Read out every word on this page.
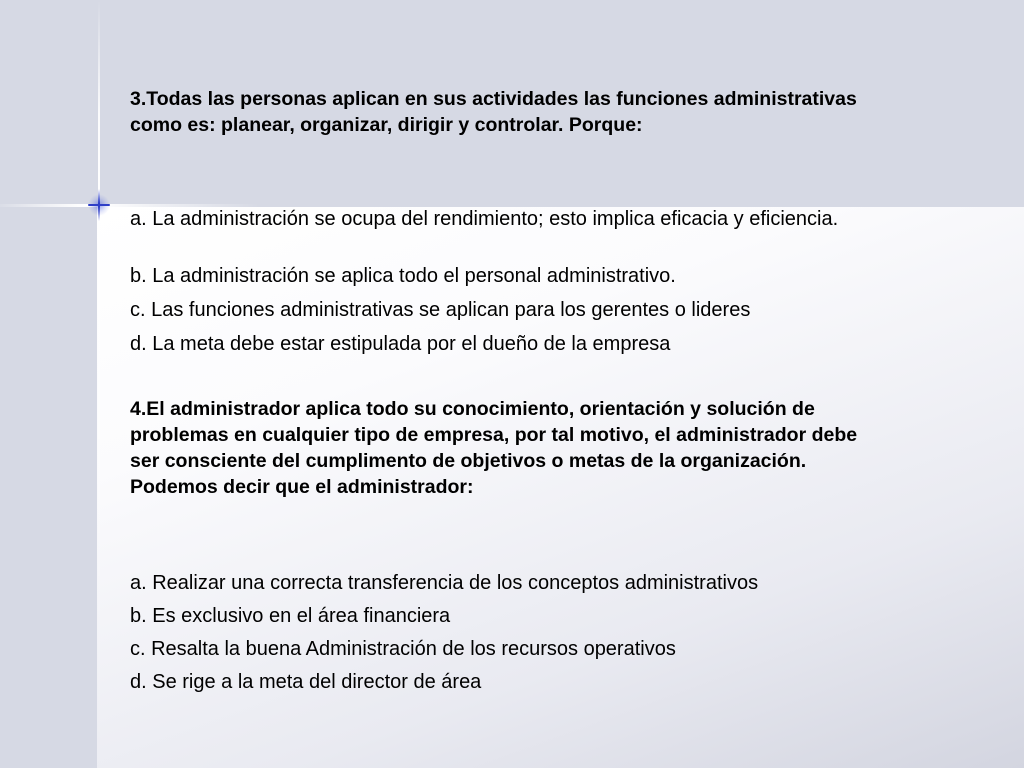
3.Todas las personas aplican en sus actividades las funciones administrativas como es: planear, organizar, dirigir y controlar. Porque:
a. La administración se ocupa del rendimiento; esto implica eficacia y eficiencia.
b. La administración se aplica todo el personal administrativo.
c. Las funciones administrativas se aplican para los gerentes o lideres
d. La meta debe estar estipulada por el dueño de la empresa
4.El administrador aplica todo su conocimiento, orientación y solución de problemas en cualquier tipo de empresa, por tal motivo, el administrador debe ser consciente del cumplimento de objetivos o metas de la organización. Podemos decir que el administrador:
a. Realizar una correcta transferencia de los conceptos administrativos
b. Es exclusivo en el área financiera
c. Resalta la buena Administración de los recursos operativos
d. Se rige a la meta del director de área
